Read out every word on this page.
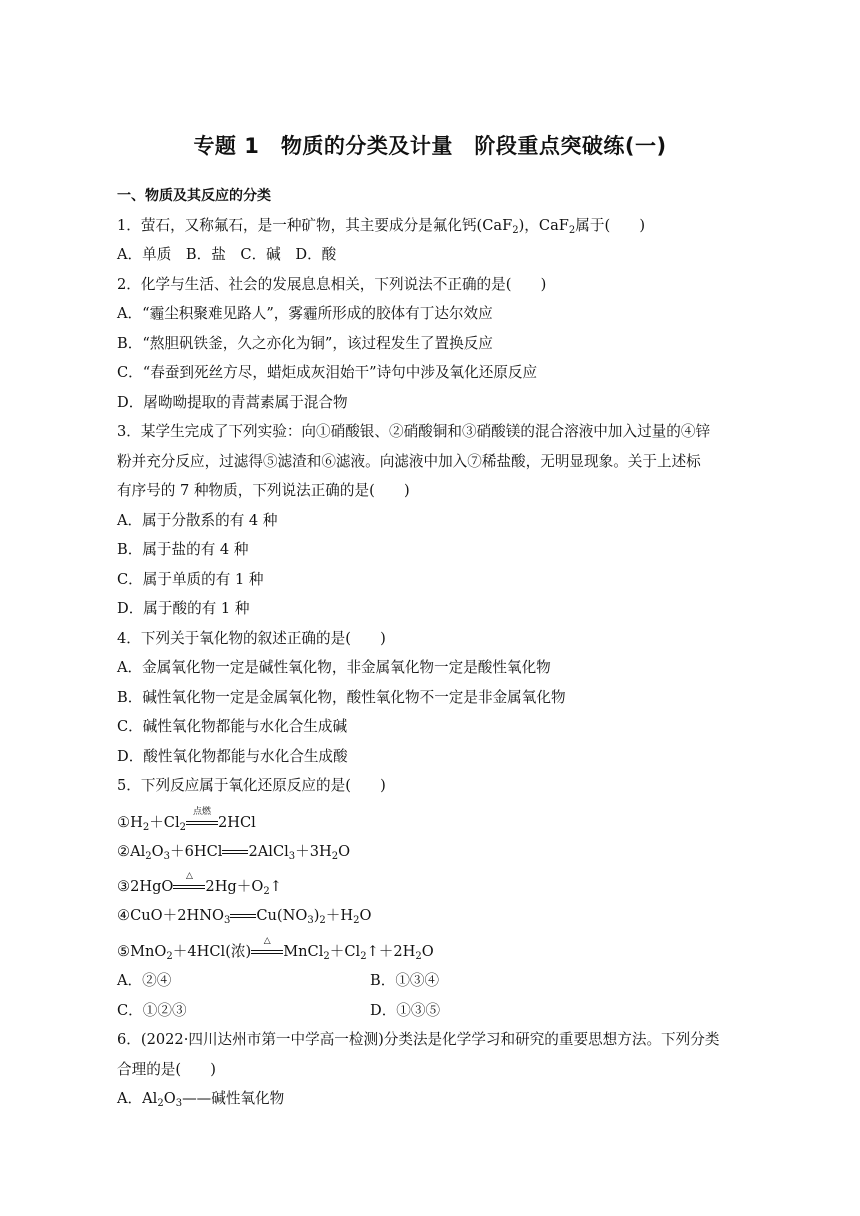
专题 1　物质的分类及计量　阶段重点突破练(一)
一、物质及其反应的分类
1．萤石，又称氟石，是一种矿物，其主要成分是氟化钙(CaF$_2$)，CaF$_2$属于(　　)
A．单质　B．盐　C．碱　D．酸
2．化学与生活、社会的发展息息相关，下列说法不正确的是(　　)
A．“霾尘积聚难见路人”，雾霾所形成的胶体有丁达尔效应
B．“熬胆矾铁釜，久之亦化为铜”，该过程发生了置换反应
C．“春蚕到死丝方尽，蜡炬成灰泪始干”诗句中涉及氧化还原反应
D．屠呦呦提取的青蒿素属于混合物
3．某学生完成了下列实验：向①硝酸银、②硝酸铜和③硝酸镁的混合溶液中加入过量的④锌
粉并充分反应，过滤得⑤滤渣和⑥滤液。向滤液中加入⑦稀盐酸，无明显现象。关于上述标
有序号的 7 种物质，下列说法正确的是(　　)
A．属于分散系的有 4 种
B．属于盐的有 4 种
C．属于单质的有 1 种
D．属于酸的有 1 种
4．下列关于氧化物的叙述正确的是(　　)
A．金属氧化物一定是碱性氧化物，非金属氧化物一定是酸性氧化物
B．碱性氧化物一定是金属氧化物，酸性氧化物不一定是非金属氧化物
C．碱性氧化物都能与水化合生成碱
D．酸性氧化物都能与水化合生成酸
5．下列反应属于氧化还原反应的是(　　)
$①H_2+Cl_2$
点燃
2HCl
$②Al_2O_3+6HCl$ $2AlCl_3+3H_2O$
③2HgO
△
$2Hg+O_2↑$
$④CuO+2HNO_3$ $Cu(NO_3)_2+H_2O$
⑤MnO$_2$＋4HCl(浓)
△
$MnCl_2+Cl_2↑+2H_2O$
A．②④	B．①③④
C．①②③	D．①③⑤
6．(2022·四川达州市第一中学高一检测)分类法是化学学习和研究的重要思想方法。下列分类
合理的是(　　)
A．$Al_2O_3——$碱性氧化物
